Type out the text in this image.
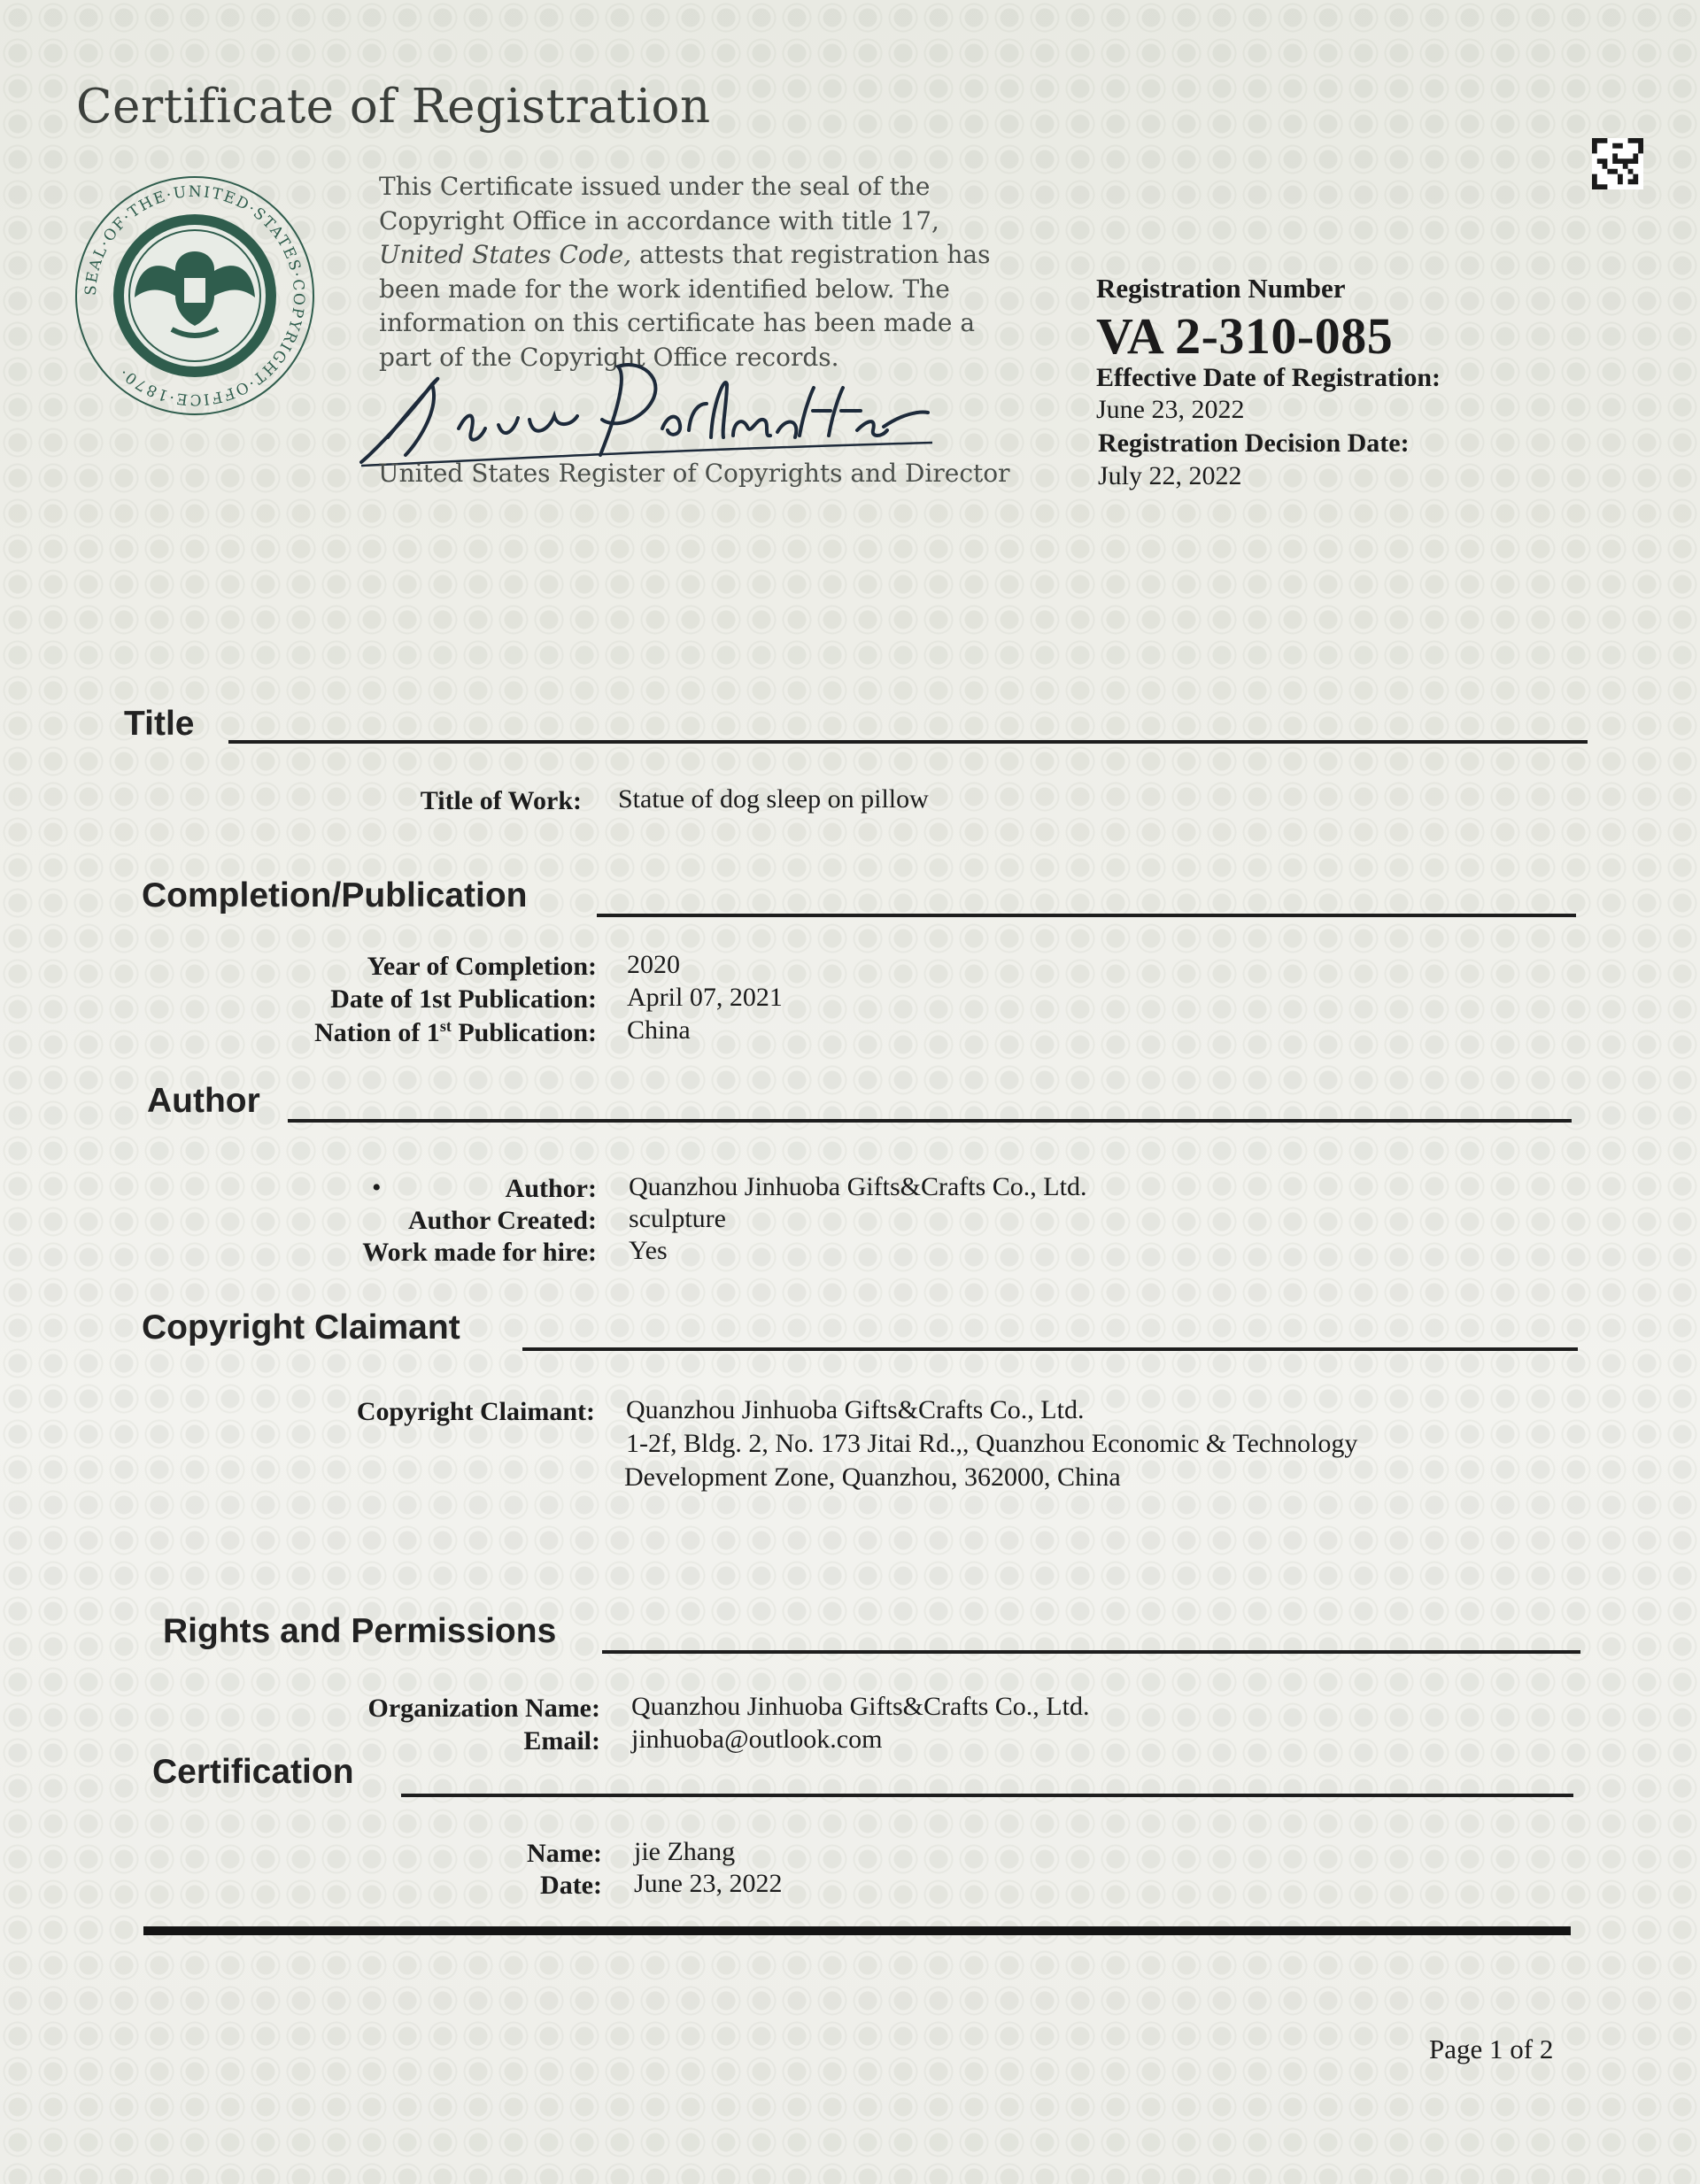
Certificate of Registration
SEAL·OF·THE·UNITED·STATES·COPYRIGHT·OFFICE·1870·
This Certificate issued under the seal of the Copyright Office in accordance with title 17, United States Code, attests that registration has been made for the work identified below. The information on this certificate has been made a part of the Copyright Office records.
United States Register of Copyrights and Director
Registration Number
VA 2-310-085
Effective Date of Registration:
June 23, 2022
Registration Decision Date:
July 22, 2022
Title
Title of Work: Statue of dog sleep on pillow
Completion/Publication
Year of Completion: 2020
Date of 1st Publication: April 07, 2021
Nation of 1st Publication: China
Author
•	Author: Quanzhou Jinhuoba Gifts&Crafts Co., Ltd.
Author Created: sculpture
Work made for hire: Yes
Copyright Claimant
Copyright Claimant: Quanzhou Jinhuoba Gifts&Crafts Co., Ltd.
1-2f, Bldg. 2, No. 173 Jitai Rd.,, Quanzhou Economic & Technology
Development Zone, Quanzhou, 362000, China
Rights and Permissions
Organization Name: Quanzhou Jinhuoba Gifts&Crafts Co., Ltd.
Email: jinhuoba@outlook.com
Certification
Name: jie Zhang
Date: June 23, 2022
Page 1 of 2
